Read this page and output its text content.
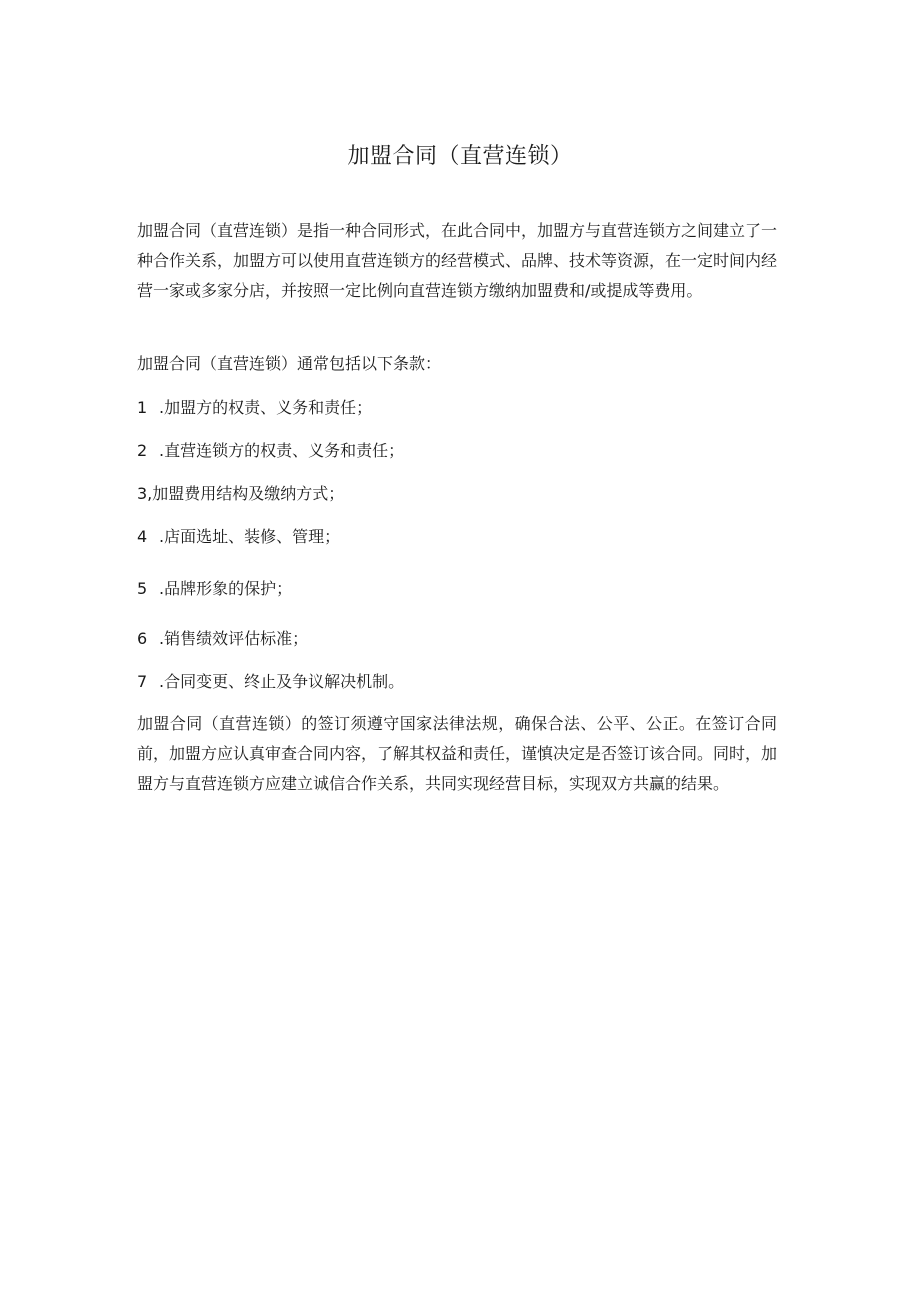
加盟合同（直营连锁）

加盟合同（直营连锁）是指一种合同形式，在此合同中，加盟方与直营连锁方之间建立了一种合作关系，加盟方可以使用直营连锁方的经营模式、品牌、技术等资源，在一定时间内经营一家或多家分店，并按照一定比例向直营连锁方缴纳加盟费和/或提成等费用。

加盟合同（直营连锁）通常包括以下条款：

1 .加盟方的权责、义务和责任；

2 .直营连锁方的权责、义务和责任；

3,加盟费用结构及缴纳方式；

4 .店面选址、装修、管理；

5 .品牌形象的保护；

6 .销售绩效评估标准；

7 .合同变更、终止及争议解决机制。

加盟合同（直营连锁）的签订须遵守国家法律法规，确保合法、公平、公正。在签订合同前，加盟方应认真审查合同内容，了解其权益和责任，谨慎决定是否签订该合同。同时，加盟方与直营连锁方应建立诚信合作关系，共同实现经营目标，实现双方共赢的结果。
